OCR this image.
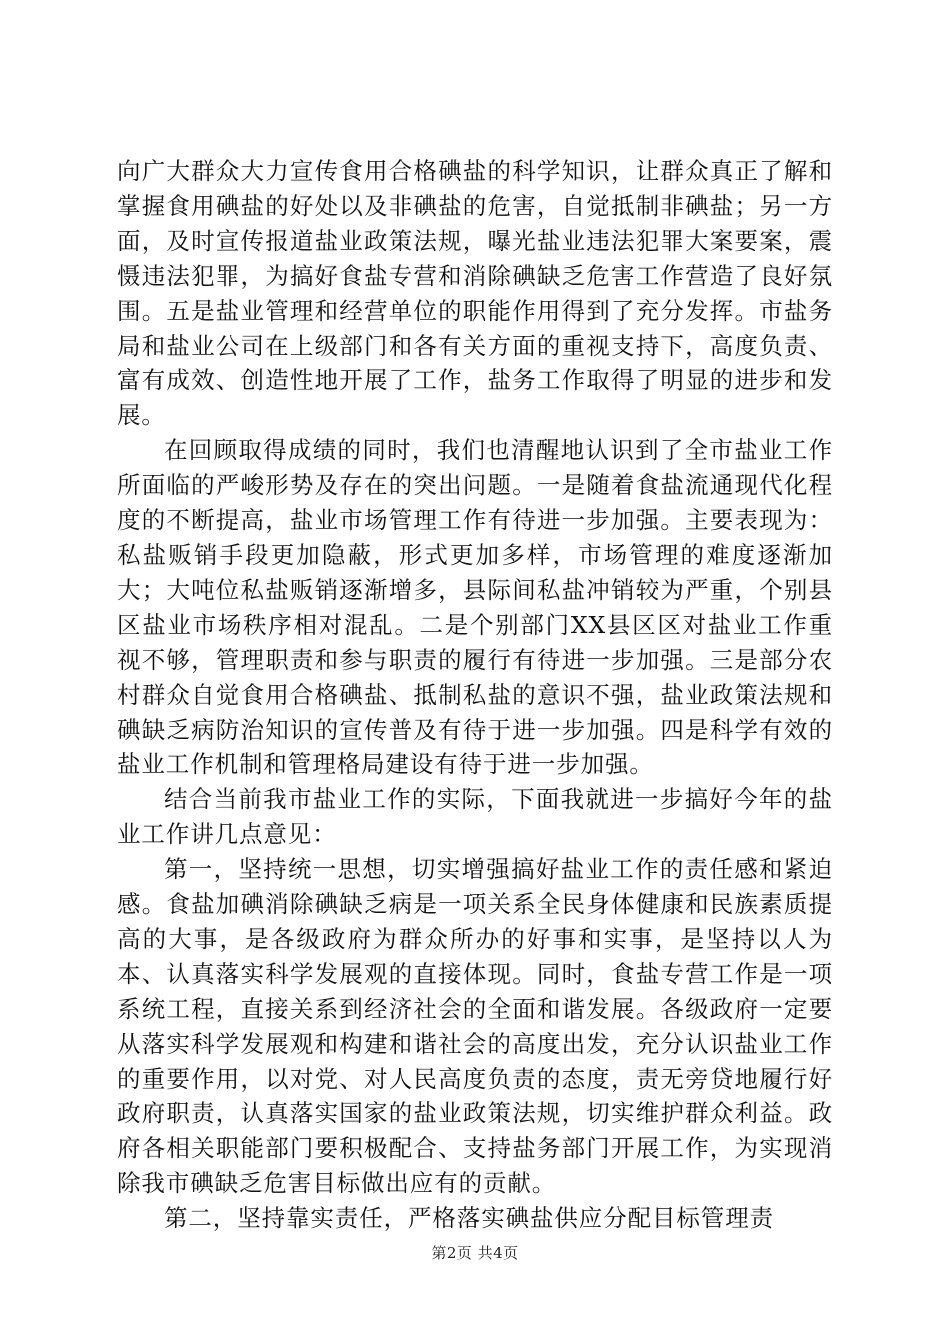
向广大群众大力宣传食用合格碘盐的科学知识，让群众真正了解和掌握食用碘盐的好处以及非碘盐的危害，自觉抵制非碘盐；另一方面，及时宣传报道盐业政策法规，曝光盐业违法犯罪大案要案，震慑违法犯罪，为搞好食盐专营和消除碘缺乏危害工作营造了良好氛围。五是盐业管理和经营单位的职能作用得到了充分发挥。市盐务局和盐业公司在上级部门和各有关方面的重视支持下，高度负责、富有成效、创造性地开展了工作，盐务工作取得了明显的进步和发展。

在回顾取得成绩的同时，我们也清醒地认识到了全市盐业工作所面临的严峻形势及存在的突出问题。一是随着食盐流通现代化程度的不断提高，盐业市场管理工作有待进一步加强。主要表现为：私盐贩销手段更加隐蔽，形式更加多样，市场管理的难度逐渐加大；大吨位私盐贩销逐渐增多，县际间私盐冲销较为严重，个别县区盐业市场秩序相对混乱。二是个别部门XX县区区对盐业工作重视不够，管理职责和参与职责的履行有待进一步加强。三是部分农村群众自觉食用合格碘盐、抵制私盐的意识不强，盐业政策法规和碘缺乏病防治知识的宣传普及有待于进一步加强。四是科学有效的盐业工作机制和管理格局建设有待于进一步加强。

结合当前我市盐业工作的实际，下面我就进一步搞好今年的盐业工作讲几点意见：

第一，坚持统一思想，切实增强搞好盐业工作的责任感和紧迫感。食盐加碘消除碘缺乏病是一项关系全民身体健康和民族素质提高的大事，是各级政府为群众所办的好事和实事，是坚持以人为本、认真落实科学发展观的直接体现。同时，食盐专营工作是一项系统工程，直接关系到经济社会的全面和谐发展。各级政府一定要从落实科学发展观和构建和谐社会的高度出发，充分认识盐业工作的重要作用，以对党、对人民高度负责的态度，责无旁贷地履行好政府职责，认真落实国家的盐业政策法规，切实维护群众利益。政府各相关职能部门要积极配合、支持盐务部门开展工作，为实现消除我市碘缺乏危害目标做出应有的贡献。

第二，坚持靠实责任，严格落实碘盐供应分配目标管理责

第2页 共4页
